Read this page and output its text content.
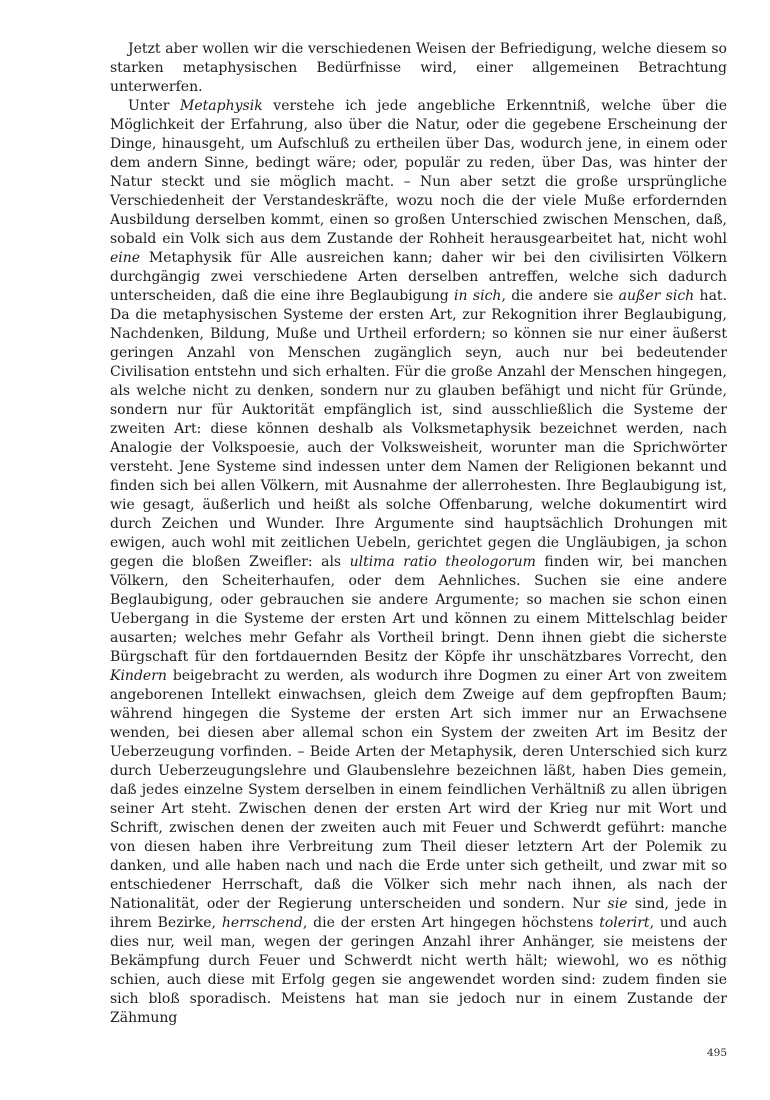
Jetzt aber wollen wir die verschiedenen Weisen der Befriedigung, welche diesem so starken metaphysischen Bedürfnisse wird, einer allgemeinen Betrachtung unterwerfen.

Unter Metaphysik verstehe ich jede angebliche Erkenntniß, welche über die Möglichkeit der Erfahrung, also über die Natur, oder die gegebene Erscheinung der Dinge, hinausgeht, um Aufschluß zu ertheilen über Das, wodurch jene, in einem oder dem andern Sinne, bedingt wäre; oder, populär zu reden, über Das, was hinter der Natur steckt und sie möglich macht. – Nun aber setzt die große ursprüngliche Verschiedenheit der Verstandeskräfte, wozu noch die der viele Muße erfordernden Ausbildung derselben kommt, einen so großen Unterschied zwischen Menschen, daß, sobald ein Volk sich aus dem Zustande der Rohheit herausgearbeitet hat, nicht wohl eine Metaphysik für Alle ausreichen kann; daher wir bei den civilisirten Völkern durchgängig zwei verschiedene Arten derselben antreffen, welche sich dadurch unterscheiden, daß die eine ihre Beglaubigung in sich, die andere sie außer sich hat. Da die metaphysischen Systeme der ersten Art, zur Rekognition ihrer Beglaubigung, Nachdenken, Bildung, Muße und Urtheil erfordern; so können sie nur einer äußerst geringen Anzahl von Menschen zugänglich seyn, auch nur bei bedeutender Civilisation entstehn und sich erhalten. Für die große Anzahl der Menschen hingegen, als welche nicht zu denken, sondern nur zu glauben befähigt und nicht für Gründe, sondern nur für Auktorität empfänglich ist, sind ausschließlich die Systeme der zweiten Art: diese können deshalb als Volksmetaphysik bezeichnet werden, nach Analogie der Volkspoesie, auch der Volksweisheit, worunter man die Sprichwörter versteht. Jene Systeme sind indessen unter dem Namen der Religionen bekannt und finden sich bei allen Völkern, mit Ausnahme der allerrohesten. Ihre Beglaubigung ist, wie gesagt, äußerlich und heißt als solche Offenbarung, welche dokumentirt wird durch Zeichen und Wunder. Ihre Argumente sind hauptsächlich Drohungen mit ewigen, auch wohl mit zeitlichen Uebeln, gerichtet gegen die Ungläubigen, ja schon gegen die bloßen Zweifler: als ultima ratio theologorum finden wir, bei manchen Völkern, den Scheiterhaufen, oder dem Aehnliches. Suchen sie eine andere Beglaubigung, oder gebrauchen sie andere Argumente; so machen sie schon einen Uebergang in die Systeme der ersten Art und können zu einem Mittelschlag beider ausarten; welches mehr Gefahr als Vortheil bringt. Denn ihnen giebt die sicherste Bürgschaft für den fortdauernden Besitz der Köpfe ihr unschätzbares Vorrecht, den Kindern beigebracht zu werden, als wodurch ihre Dogmen zu einer Art von zweitem angeborenen Intellekt einwachsen, gleich dem Zweige auf dem gepfropften Baum; während hingegen die Systeme der ersten Art sich immer nur an Erwachsene wenden, bei diesen aber allemal schon ein System der zweiten Art im Besitz der Ueberzeugung vorfinden. – Beide Arten der Metaphysik, deren Unterschied sich kurz durch Ueberzeugungslehre und Glaubenslehre bezeichnen läßt, haben Dies gemein, daß jedes einzelne System derselben in einem feindlichen Verhältniß zu allen übrigen seiner Art steht. Zwischen denen der ersten Art wird der Krieg nur mit Wort und Schrift, zwischen denen der zweiten auch mit Feuer und Schwerdt geführt: manche von diesen haben ihre Verbreitung zum Theil dieser letztern Art der Polemik zu danken, und alle haben nach und nach die Erde unter sich getheilt, und zwar mit so entschiedener Herrschaft, daß die Völker sich mehr nach ihnen, als nach der Nationalität, oder der Regierung unterscheiden und sondern. Nur sie sind, jede in ihrem Bezirke, herrschend, die der ersten Art hingegen höchstens tolerirt, und auch dies nur, weil man, wegen der geringen Anzahl ihrer Anhänger, sie meistens der Bekämpfung durch Feuer und Schwerdt nicht werth hält; wiewohl, wo es nöthig schien, auch diese mit Erfolg gegen sie angewendet worden sind: zudem finden sie sich bloß sporadisch. Meistens hat man sie jedoch nur in einem Zustande der Zähmung

495
